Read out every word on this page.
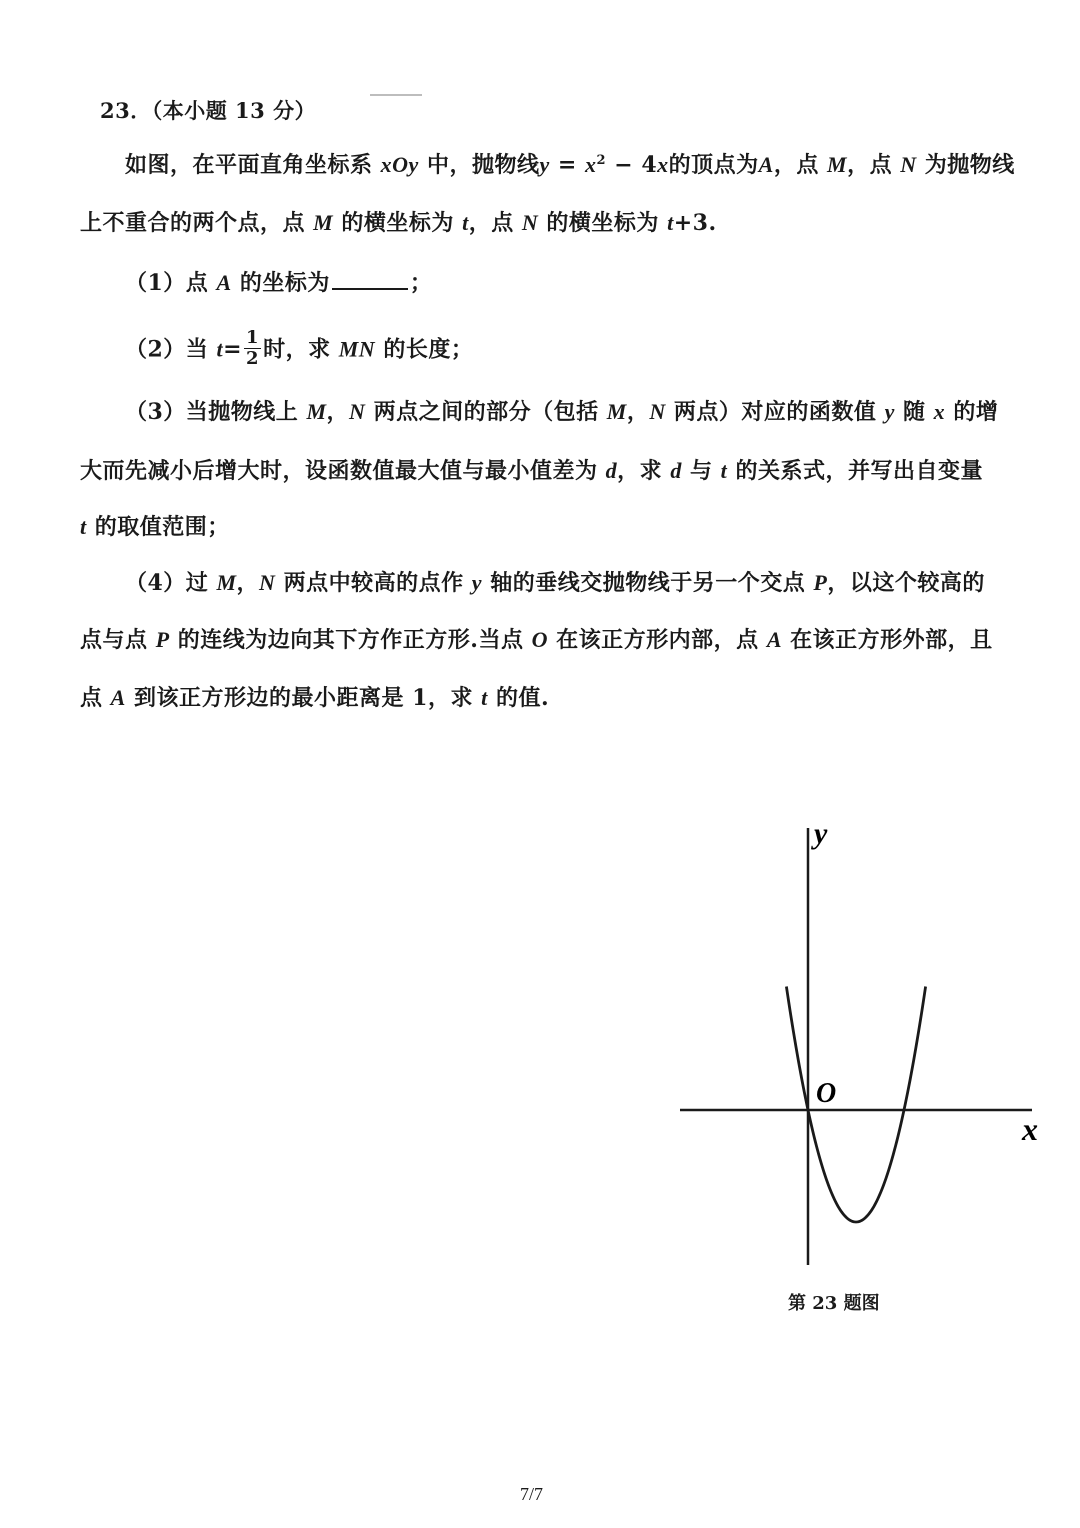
23．（本小题 13 分）
如图，在平面直角坐标系 xOy 中，抛物线$y = x^2 - 4x$的顶点为A，点 M，点 N 为抛物线
上不重合的两个点，点 M 的横坐标为 t，点 N 的横坐标为 t+3.
（1）点 A 的坐标为	；
（2）当 $t= \frac{1}{2}$ 时，求 MN 的长度；
（3）当抛物线上 M，N 两点之间的部分（包括 M，N 两点）对应的函数值 y 随 x 的增
大而先减小后增大时，设函数值最大值与最小值差为 d，求 d 与 t 的关系式，并写出自变量
t 的取值范围；
（4）过 M，N 两点中较高的点作 y 轴的垂线交抛物线于另一个交点 P，以这个较高的
点与点 P 的连线为边向其下方作正方形.当点 O 在该正方形内部，点 A 在该正方形外部，且
点 A 到该正方形边的最小距离是 1，求 t 的值.
y
x
O
第 23 题图
7/7
